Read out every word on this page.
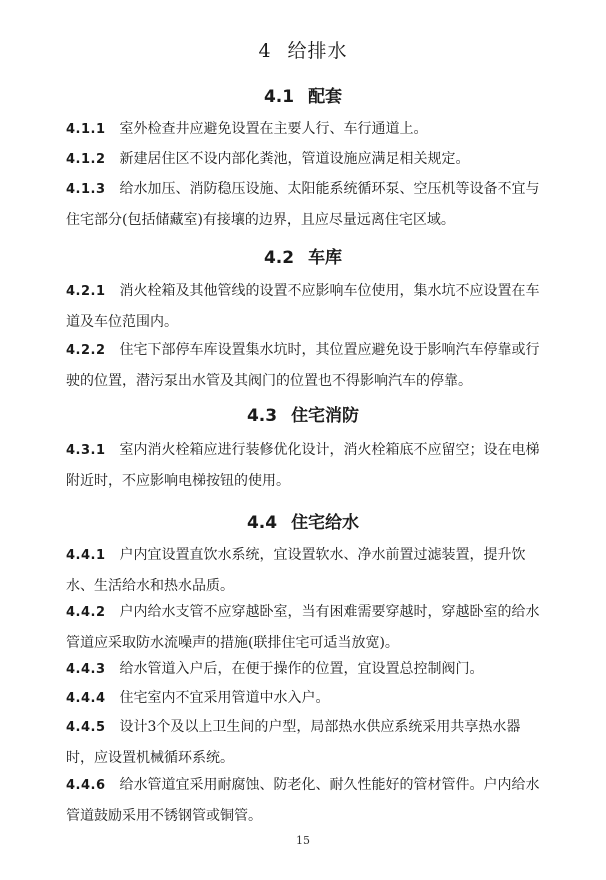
4 给排水
4.1 配套
4.1.1 室外检查井应避免设置在主要人行、车行通道上。
4.1.2 新建居住区不设内部化粪池，管道设施应满足相关规定。
4.1.3 给水加压、消防稳压设施、太阳能系统循环泵、空压机等设备不宜与住宅部分(包括储藏室)有接壤的边界，且应尽量远离住宅区域。
4.2 车库
4.2.1 消火栓箱及其他管线的设置不应影响车位使用，集水坑不应设置在车道及车位范围内。
4.2.2 住宅下部停车库设置集水坑时，其位置应避免设于影响汽车停靠或行驶的位置，潜污泵出水管及其阀门的位置也不得影响汽车的停靠。
4.3 住宅消防
4.3.1 室内消火栓箱应进行装修优化设计，消火栓箱底不应留空；设在电梯附近时，不应影响电梯按钮的使用。
4.4 住宅给水
4.4.1 户内宜设置直饮水系统，宜设置软水、净水前置过滤装置，提升饮水、生活给水和热水品质。
4.4.2 户内给水支管不应穿越卧室，当有困难需要穿越时，穿越卧室的给水管道应采取防水流噪声的措施(联排住宅可适当放宽)。
4.4.3 给水管道入户后，在便于操作的位置，宜设置总控制阀门。
4.4.4 住宅室内不宜采用管道中水入户。
4.4.5 设计3个及以上卫生间的户型，局部热水供应系统采用共享热水器时，应设置机械循环系统。
4.4.6 给水管道宜采用耐腐蚀、防老化、耐久性能好的管材管件。户内给水管道鼓励采用不锈钢管或铜管。
15
